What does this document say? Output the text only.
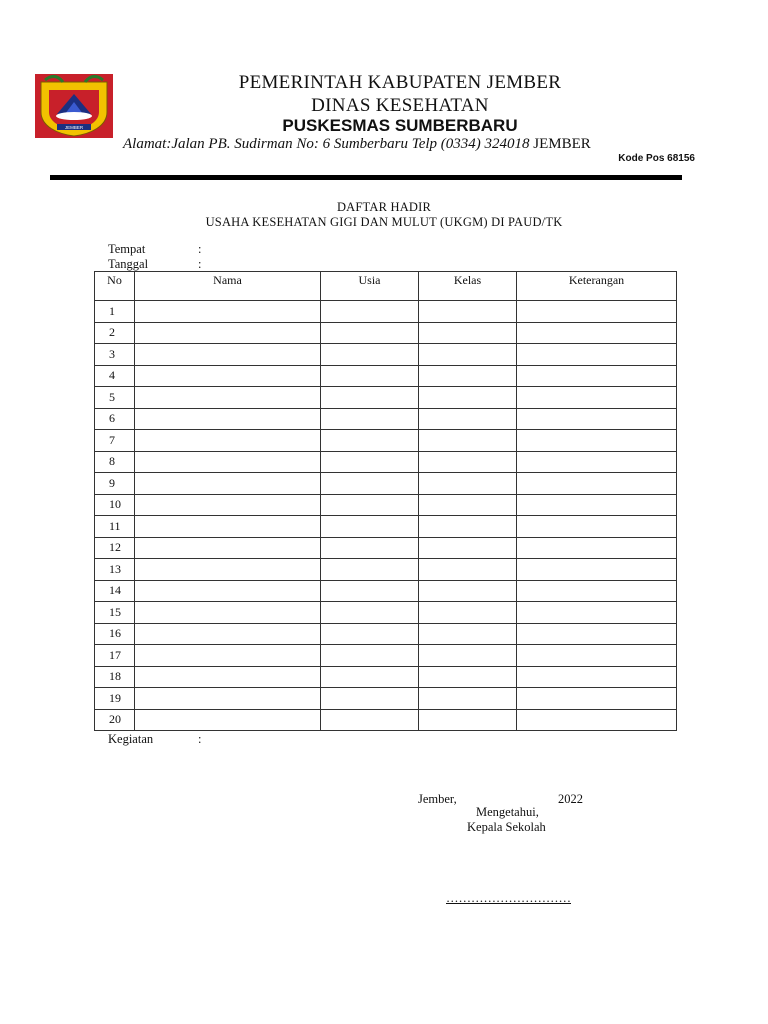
JEMBER
PEMERINTAH KABUPATEN JEMBER
DINAS KESEHATAN
PUSKESMAS SUMBERBARU
Alamat:Jalan PB. Sudirman No: 6 Sumberbaru Telp (0334) 324018 JEMBER
Kode Pos 68156
DAFTAR HADIR
USAHA KESEHATAN GIGI DAN MULUT (UKGM) DI PAUD/TK
Tempat	:
Tanggal	:
No	Nama	Usia	Kelas	Keterangan
1				
2				
3				
4				
5				
6				
7				
8				
9				
10				
11				
12				
13				
14				
15				
16				
17				
18				
19				
20				
Kegiatan	:
Jember,	2022
Mengetahui,
Kepala Sekolah
…………………………
